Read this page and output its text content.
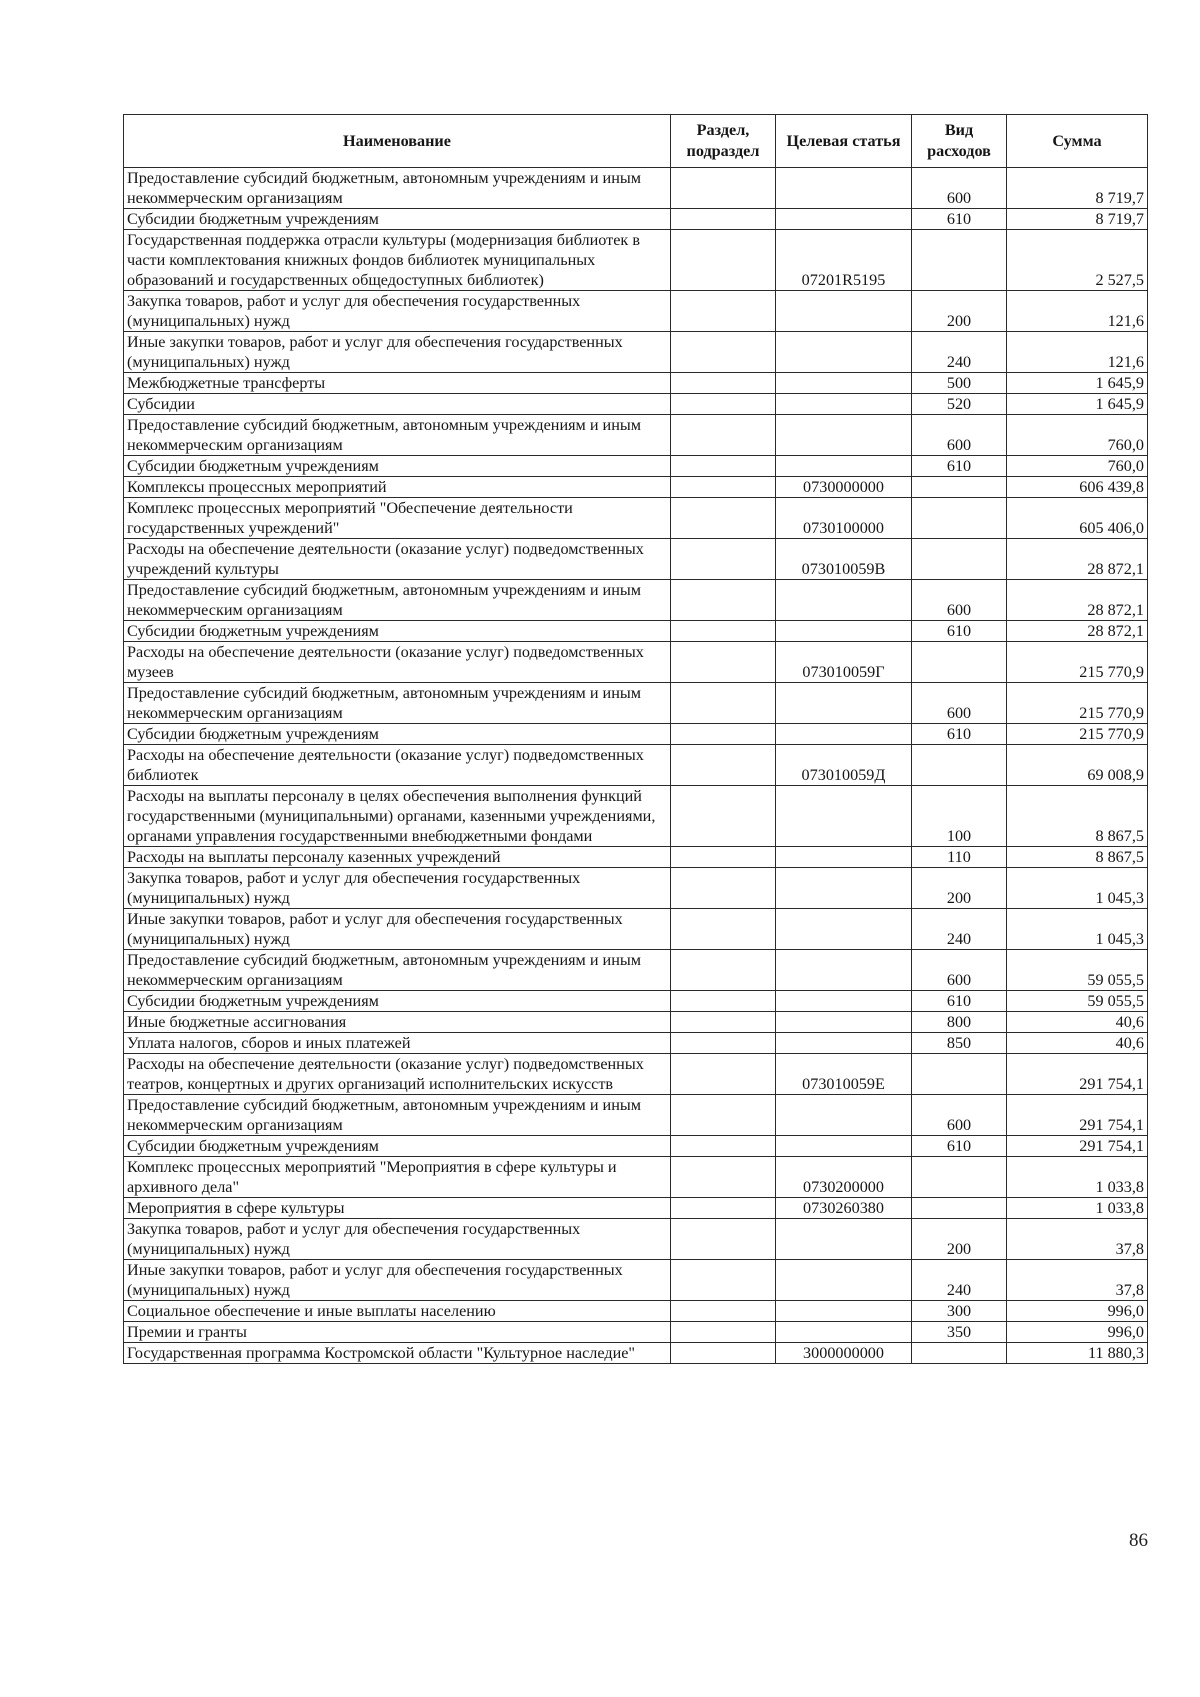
Наименование	Раздел, подраздел	Целевая статья	Вид расходов	Сумма
Предоставление субсидий бюджетным, автономным учреждениям и иным некоммерческим организациям			600	8 719,7
Субсидии бюджетным учреждениям			610	8 719,7
Государственная поддержка отрасли культуры (модернизация библиотек в части комплектования книжных фондов библиотек муниципальных образований и государственных общедоступных библиотек)		07201R5195		2 527,5
Закупка товаров, работ и услуг для обеспечения государственных (муниципальных) нужд			200	121,6
Иные закупки товаров, работ и услуг для обеспечения государственных (муниципальных) нужд			240	121,6
Межбюджетные трансферты			500	1 645,9
Субсидии			520	1 645,9
Предоставление субсидий бюджетным, автономным учреждениям и иным некоммерческим организациям			600	760,0
Субсидии бюджетным учреждениям			610	760,0
Комплексы процессных мероприятий		0730000000		606 439,8
Комплекс процессных мероприятий "Обеспечение деятельности государственных учреждений"		0730100000		605 406,0
Расходы на обеспечение деятельности (оказание услуг) подведомственных учреждений культуры		073010059В		28 872,1
Предоставление субсидий бюджетным, автономным учреждениям и иным некоммерческим организациям			600	28 872,1
Субсидии бюджетным учреждениям			610	28 872,1
Расходы на обеспечение деятельности (оказание услуг) подведомственных музеев		073010059Г		215 770,9
Предоставление субсидий бюджетным, автономным учреждениям и иным некоммерческим организациям			600	215 770,9
Субсидии бюджетным учреждениям			610	215 770,9
Расходы на обеспечение деятельности (оказание услуг) подведомственных библиотек		073010059Д		69 008,9
Расходы на выплаты персоналу в целях обеспечения выполнения функций государственными (муниципальными) органами, казенными учреждениями, органами управления государственными внебюджетными фондами			100	8 867,5
Расходы на выплаты персоналу казенных учреждений			110	8 867,5
Закупка товаров, работ и услуг для обеспечения государственных (муниципальных) нужд			200	1 045,3
Иные закупки товаров, работ и услуг для обеспечения государственных (муниципальных) нужд			240	1 045,3
Предоставление субсидий бюджетным, автономным учреждениям и иным некоммерческим организациям			600	59 055,5
Субсидии бюджетным учреждениям			610	59 055,5
Иные бюджетные ассигнования			800	40,6
Уплата налогов, сборов и иных платежей			850	40,6
Расходы на обеспечение деятельности (оказание услуг) подведомственных театров, концертных и других организаций исполнительских искусств		073010059Е		291 754,1
Предоставление субсидий бюджетным, автономным учреждениям и иным некоммерческим организациям			600	291 754,1
Субсидии бюджетным учреждениям			610	291 754,1
Комплекс процессных мероприятий "Мероприятия в сфере культуры и архивного дела"		0730200000		1 033,8
Мероприятия в сфере культуры		0730260380		1 033,8
Закупка товаров, работ и услуг для обеспечения государственных (муниципальных) нужд			200	37,8
Иные закупки товаров, работ и услуг для обеспечения государственных (муниципальных) нужд			240	37,8
Социальное обеспечение и иные выплаты населению			300	996,0
Премии и гранты			350	996,0
Государственная программа Костромской области "Культурное наследие"		3000000000		11 880,3
86
